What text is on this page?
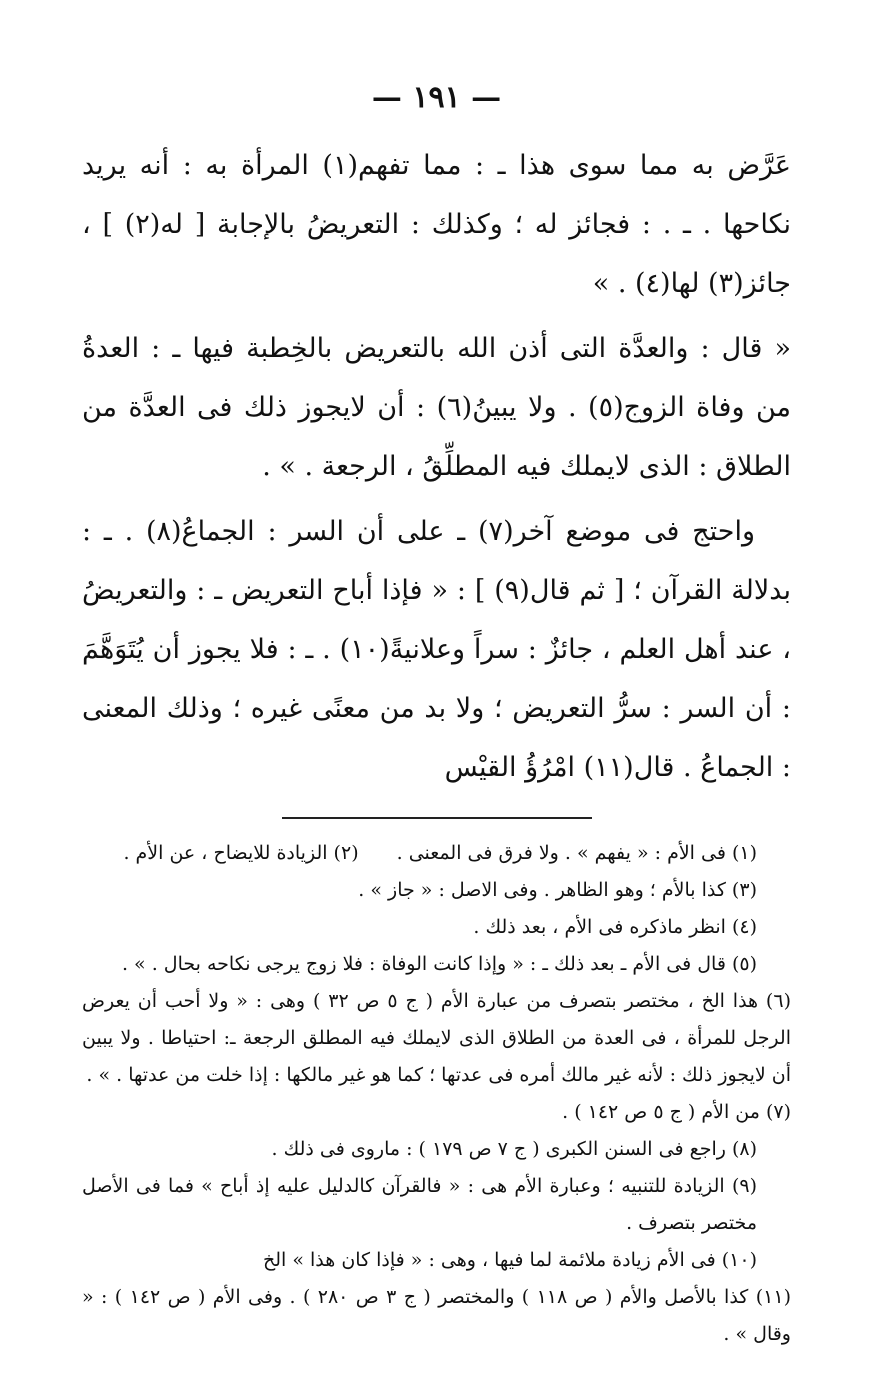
— ١٩١ —

عَرَّض به مما سوى هذا ـ : مما تفهم(١) المرأة به : أنه يريد نكاحها . ـ . : فجائز له ؛ وكذلك : التعريضُ بالإجابة [ له(٢) ] ، جائز(٣) لها(٤) . »

« قال : والعدَّة التى أذن الله بالتعريض بالخِطبة فيها ـ : العدةُ من وفاة الزوج(٥) . ولا يبينُ(٦) : أن لايجوز ذلك فى العدَّة من الطلاق : الذى لايملك فيه المطلِّقُ ، الرجعة . » .

واحتج فى موضع آخر(٧) ـ على أن السر : الجماعُ(٨) . ـ : بدلالة القرآن ؛ [ ثم قال(٩) ] : « فإذا أباح التعريض ـ : والتعريضُ ، عند أهل العلم ، جائزٌ : سراً وعلانيةً(١٠) . ـ : فلا يجوز أن يُتَوَهَّمَ : أن السر : سرُّ التعريض ؛ ولا بد من معنًى غيره ؛ وذلك المعنى : الجماعُ . قال(١١) امْرُؤُ القيْس

(١) فى الأم : « يفهم » . ولا فرق فى المعنى .
(٢) الزيادة للايضاح ، عن الأم .

(٣) كذا بالأم ؛ وهو الظاهر . وفى الاصل : « جاز » .

(٤) انظر ماذكره فى الأم ، بعد ذلك .

(٥) قال فى الأم ـ بعد ذلك ـ : « وإذا كانت الوفاة : فلا زوج يرجى نكاحه بحال . » .

(٦) هذا الخ ، مختصر بتصرف من عبارة الأم ( ج ٥ ص ٣٢ ) وهى : « ولا أحب أن يعرض الرجل للمرأة ، فى العدة من الطلاق الذى لايملك فيه المطلق الرجعة ـ: احتياطا . ولا يبين أن لايجوز ذلك : لأنه غير مالك أمره فى عدتها ؛ كما هو غير مالكها : إذا خلت من عدتها . » .

(٧) من الأم ( ج ٥ ص ١٤٢ ) .

(٨) راجع فى السنن الكبرى ( ج ٧ ص ١٧٩ ) : ماروى فى ذلك .

(٩) الزيادة للتنبيه ؛ وعبارة الأم هى : « فالقرآن كالدليل عليه إذ أباح » فما فى الأصل مختصر بتصرف .

(١٠) فى الأم زيادة ملائمة لما فيها ، وهى : « فإذا كان هذا » الخ

(١١) كذا بالأصل والأم ( ص ١١٨ ) والمختصر ( ج ٣ ص ٢٨٠ ) . وفى الأم ( ص ١٤٢ ) : « وقال » .
